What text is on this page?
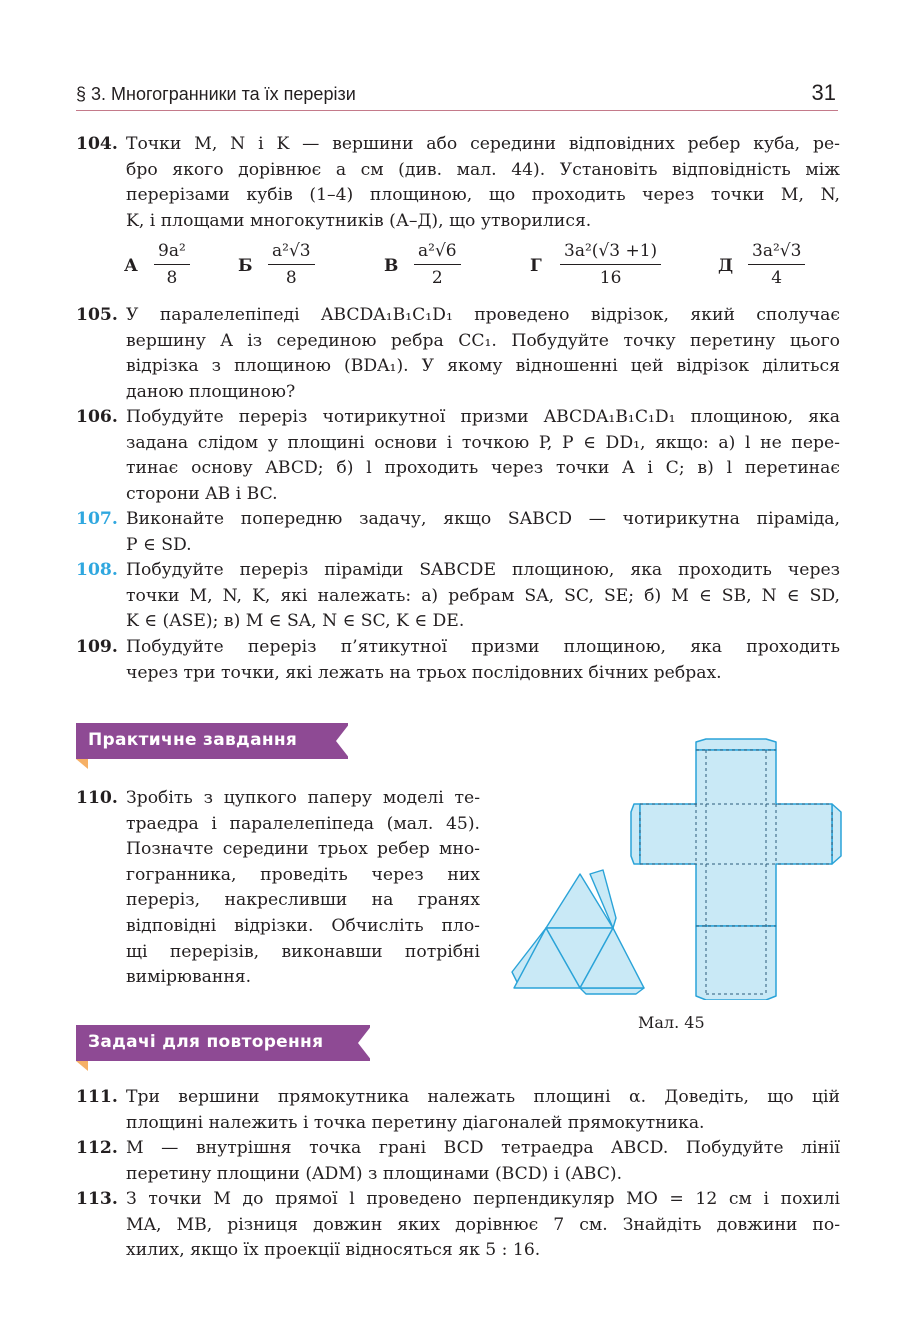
§ 3. Многогранники та їх перерізи	31
104. Точки M, N і K — вершини або середини відповідних ребер куба, ре-
бро якого дорівнює a см (див. мал. 44). Установіть відповідність між
перерізами кубів (1–4) площиною, що проходить через точки M, N,
K, і площами многокутників (А–Д), що утворилися.
А $\frac{\text{9a²}}{8}$	Б $\frac{\text{a²√3}}{8}$	В $\frac{\text{a²√6}}{2}$	Г $\frac{\text{3a²(√3 +1)}}{16}$	Д $\frac{\text{3a²√3}}{4}$
105. У паралелепіпеді ABCDA₁B₁C₁D₁ проведено відрізок, який сполучає
вершину A із серединою ребра CC₁. Побудуйте точку перетину цього
відрізка з площиною (BDA₁). У якому відношенні цей відрізок ділиться
даною площиною?
106. Побудуйте переріз чотирикутної призми ABCDA₁B₁C₁D₁ площиною, яка
задана слідом у площині основи і точкою P, P ∈ DD₁, якщо: а) l не пере-
тинає основу ABCD; б) l проходить через точки A і C; в) l перетинає
сторони AB і BC.
107. Виконайте попередню задачу, якщо SABCD — чотирикутна піраміда,
P ∈ SD.
108. Побудуйте переріз піраміди SABCDE площиною, яка проходить через
точки M, N, K, які належать: а) ребрам SA, SC, SE; б) M ∈ SB, N ∈ SD,
K ∈ (ASE); в) M ∈ SA, N ∈ SC, K ∈ DE.
109. Побудуйте переріз п’ятикутної призми площиною, яка проходить
через три точки, які лежать на трьох послідовних бічних ребрах.
Практичне завдання
110. Зробіть з цупкого паперу моделі те-
траедра і паралелепіпеда (мал. 45).
Позначте середини трьох ребер мно-
гогранника, проведіть через них
переріз, накресливши на гранях
відповідні відрізки. Обчисліть пло-
щі перерізів, виконавши потрібні
вимірювання.
Мал. 45
Задачі для повторення
111. Три вершини прямокутника належать площині α. Доведіть, що цій
площині належить і точка перетину діагоналей прямокутника.
112. M — внутрішня точка грані BCD тетраедра ABCD. Побудуйте лінії
перетину площини (ADM) з площинами (BCD) і (ABC).
113. З точки M до прямої l проведено перпендикуляр MO = 12 см і похилі
MA, MB, різниця довжин яких дорівнює 7 см. Знайдіть довжини по-
хилих, якщо їх проекції відносяться як 5 : 16.
